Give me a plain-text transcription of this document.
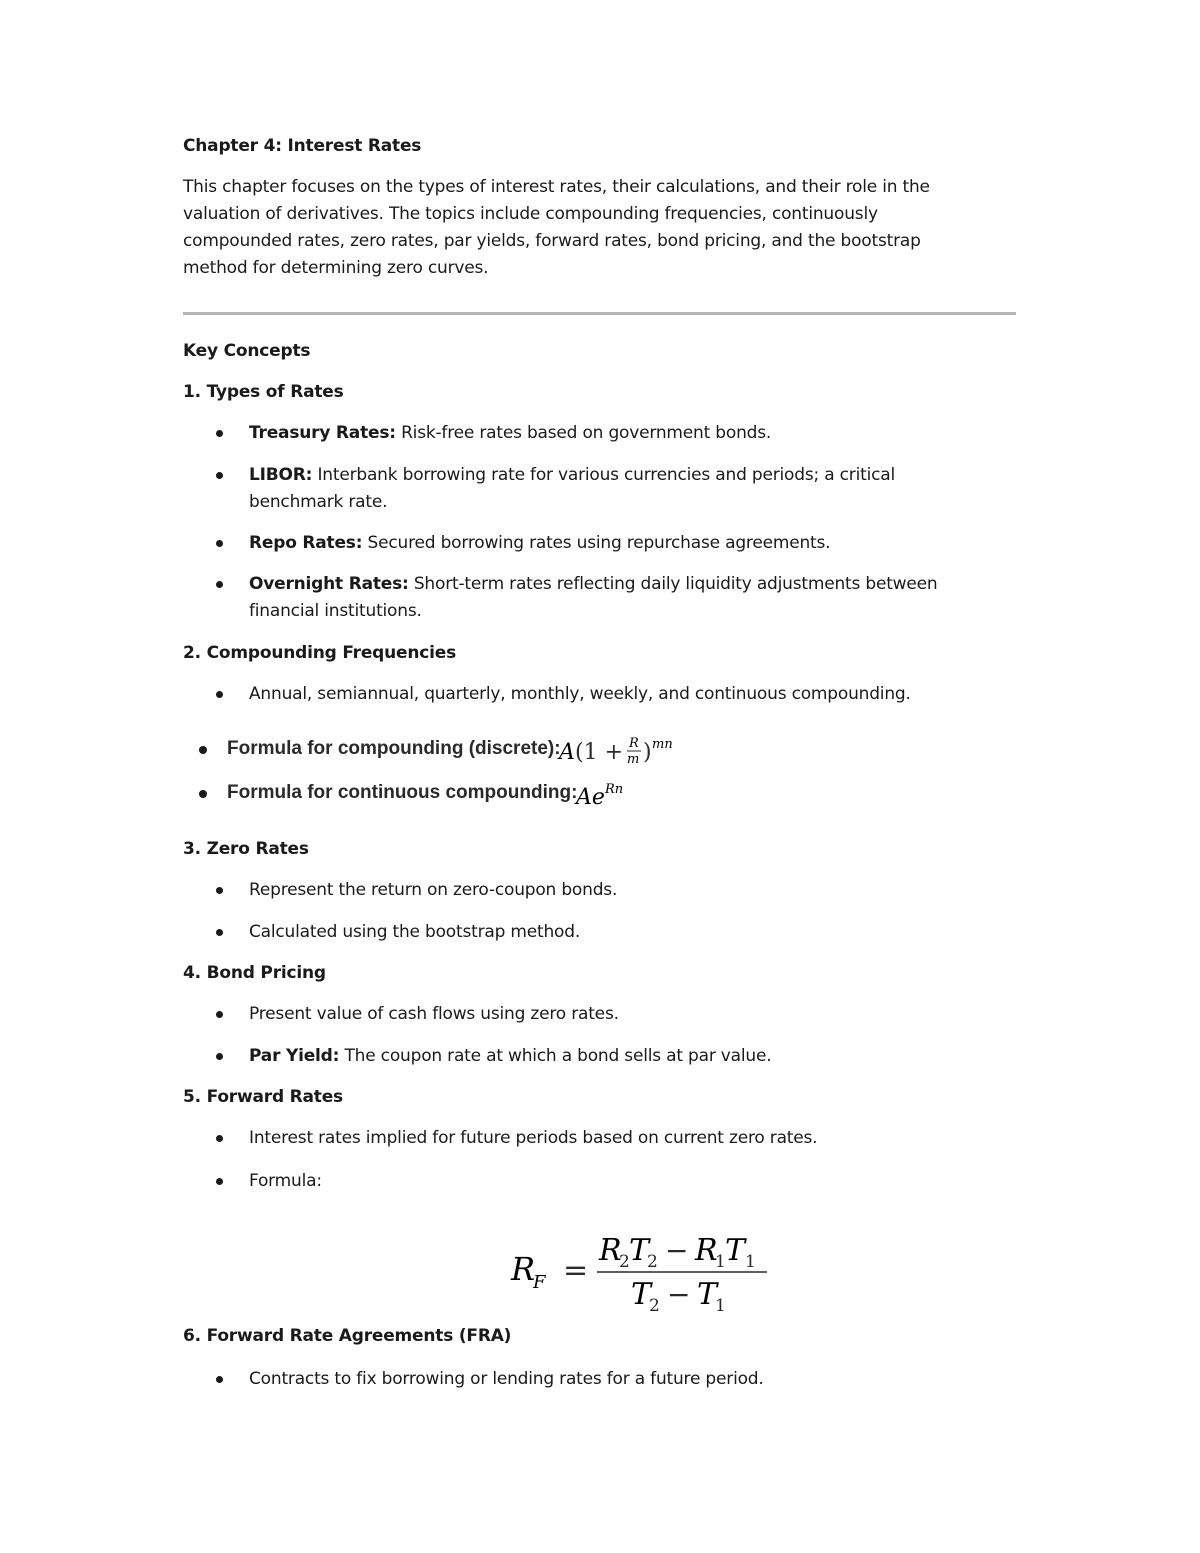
Chapter 4: Interest Rates
This chapter focuses on the types of interest rates, their calculations, and their role in the
valuation of derivatives. The topics include compounding frequencies, continuously
compounded rates, zero rates, par yields, forward rates, bond pricing, and the bootstrap
method for determining zero curves.
Key Concepts
1. Types of Rates
Treasury Rates: Risk-free rates based on government bonds.
LIBOR: Interbank borrowing rate for various currencies and periods; a critical
benchmark rate.
Repo Rates: Secured borrowing rates using repurchase agreements.
Overnight Rates: Short-term rates reflecting daily liquidity adjustments between
financial institutions.
2. Compounding Frequencies
Annual, semiannual, quarterly, monthly, weekly, and continuous compounding.
Formula for compounding (discrete):
A (1 + R
m ) mn
Formula for continuous compounding:
Ae Rn
3. Zero Rates
Represent the return on zero-coupon bonds.
Calculated using the bootstrap method.
4. Bond Pricing
Present value of cash flows using zero rates.
Par Yield: The coupon rate at which a bond sells at par value.
5. Forward Rates
Interest rates implied for future periods based on current zero rates.
Formula:
R
F =
R
2 T
2 − R
1 T 1
T
2 − T
1
6. Forward Rate Agreements (FRA)
Contracts to fix borrowing or lending rates for a future period.
